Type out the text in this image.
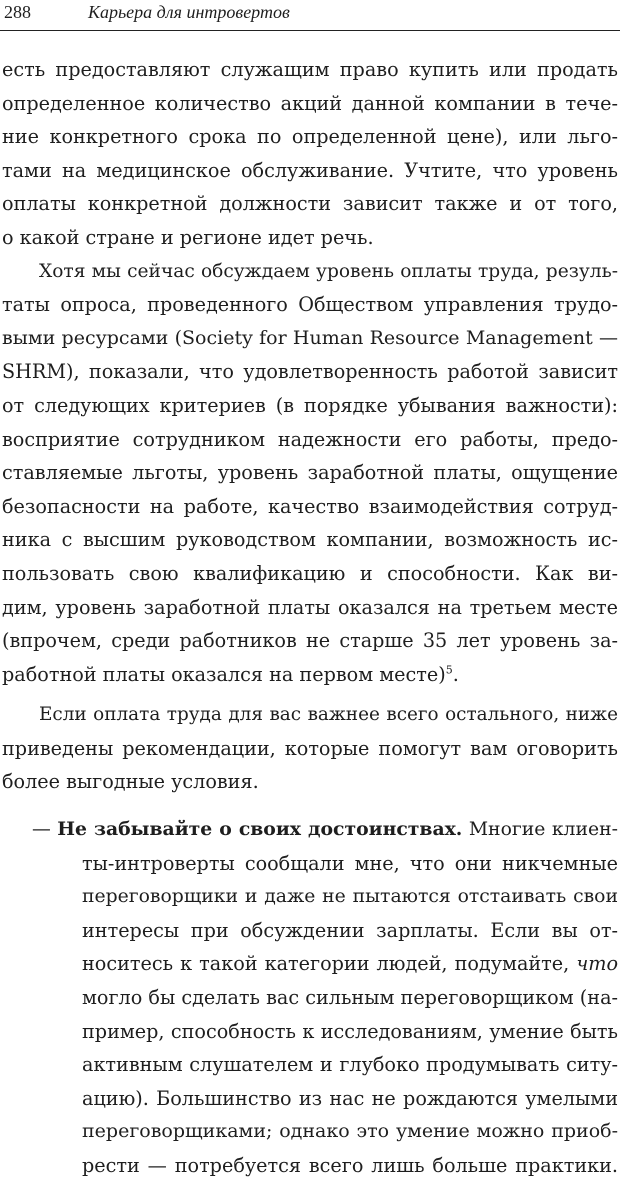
288	Карьера для интровертов
есть предоставляют служащим право купить или продать
определенное количество акций данной компании в тече-
ние конкретного срока по определенной цене), или льго-
тами на медицинское обслуживание. Учтите, что уровень
оплаты конкретной должности зависит также и от того,
о какой стране и регионе идет речь.
Хотя мы сейчас обсуждаем уровень оплаты труда, резуль-
таты опроса, проведенного Обществом управления трудо-
выми ресурсами (Society for Human Resource Management —
SHRM), показали, что удовлетворенность работой зависит
от следующих критериев (в порядке убывания важности):
восприятие сотрудником надежности его работы, предо-
ставляемые льготы, уровень заработной платы, ощущение
безопасности на работе, качество взаимодействия сотруд-
ника с высшим руководством компании, возможность ис-
пользовать свою квалификацию и способности. Как ви-
дим, уровень заработной платы оказался на третьем месте
(впрочем, среди работников не старше 35 лет уровень за-
работной платы оказался на первом месте)$^5$.
Если оплата труда для вас важнее всего остального, ниже
приведены рекомендации, которые помогут вам оговорить
более выгодные условия.
— Не забывайте о своих достоинствах. Многие клиен-
ты-интроверты сообщали мне, что они никчемные
переговорщики и даже не пытаются отстаивать свои
интересы при обсуждении зарплаты. Если вы от-
носитесь к такой категории людей, подумайте, что
могло бы сделать вас сильным переговорщиком (на-
пример, способность к исследованиям, умение быть
активным слушателем и глубоко продумывать ситу-
ацию). Большинство из нас не рождаются умелыми
переговорщиками; однако это умение можно приоб-
рести — потребуется всего лишь больше практики.
